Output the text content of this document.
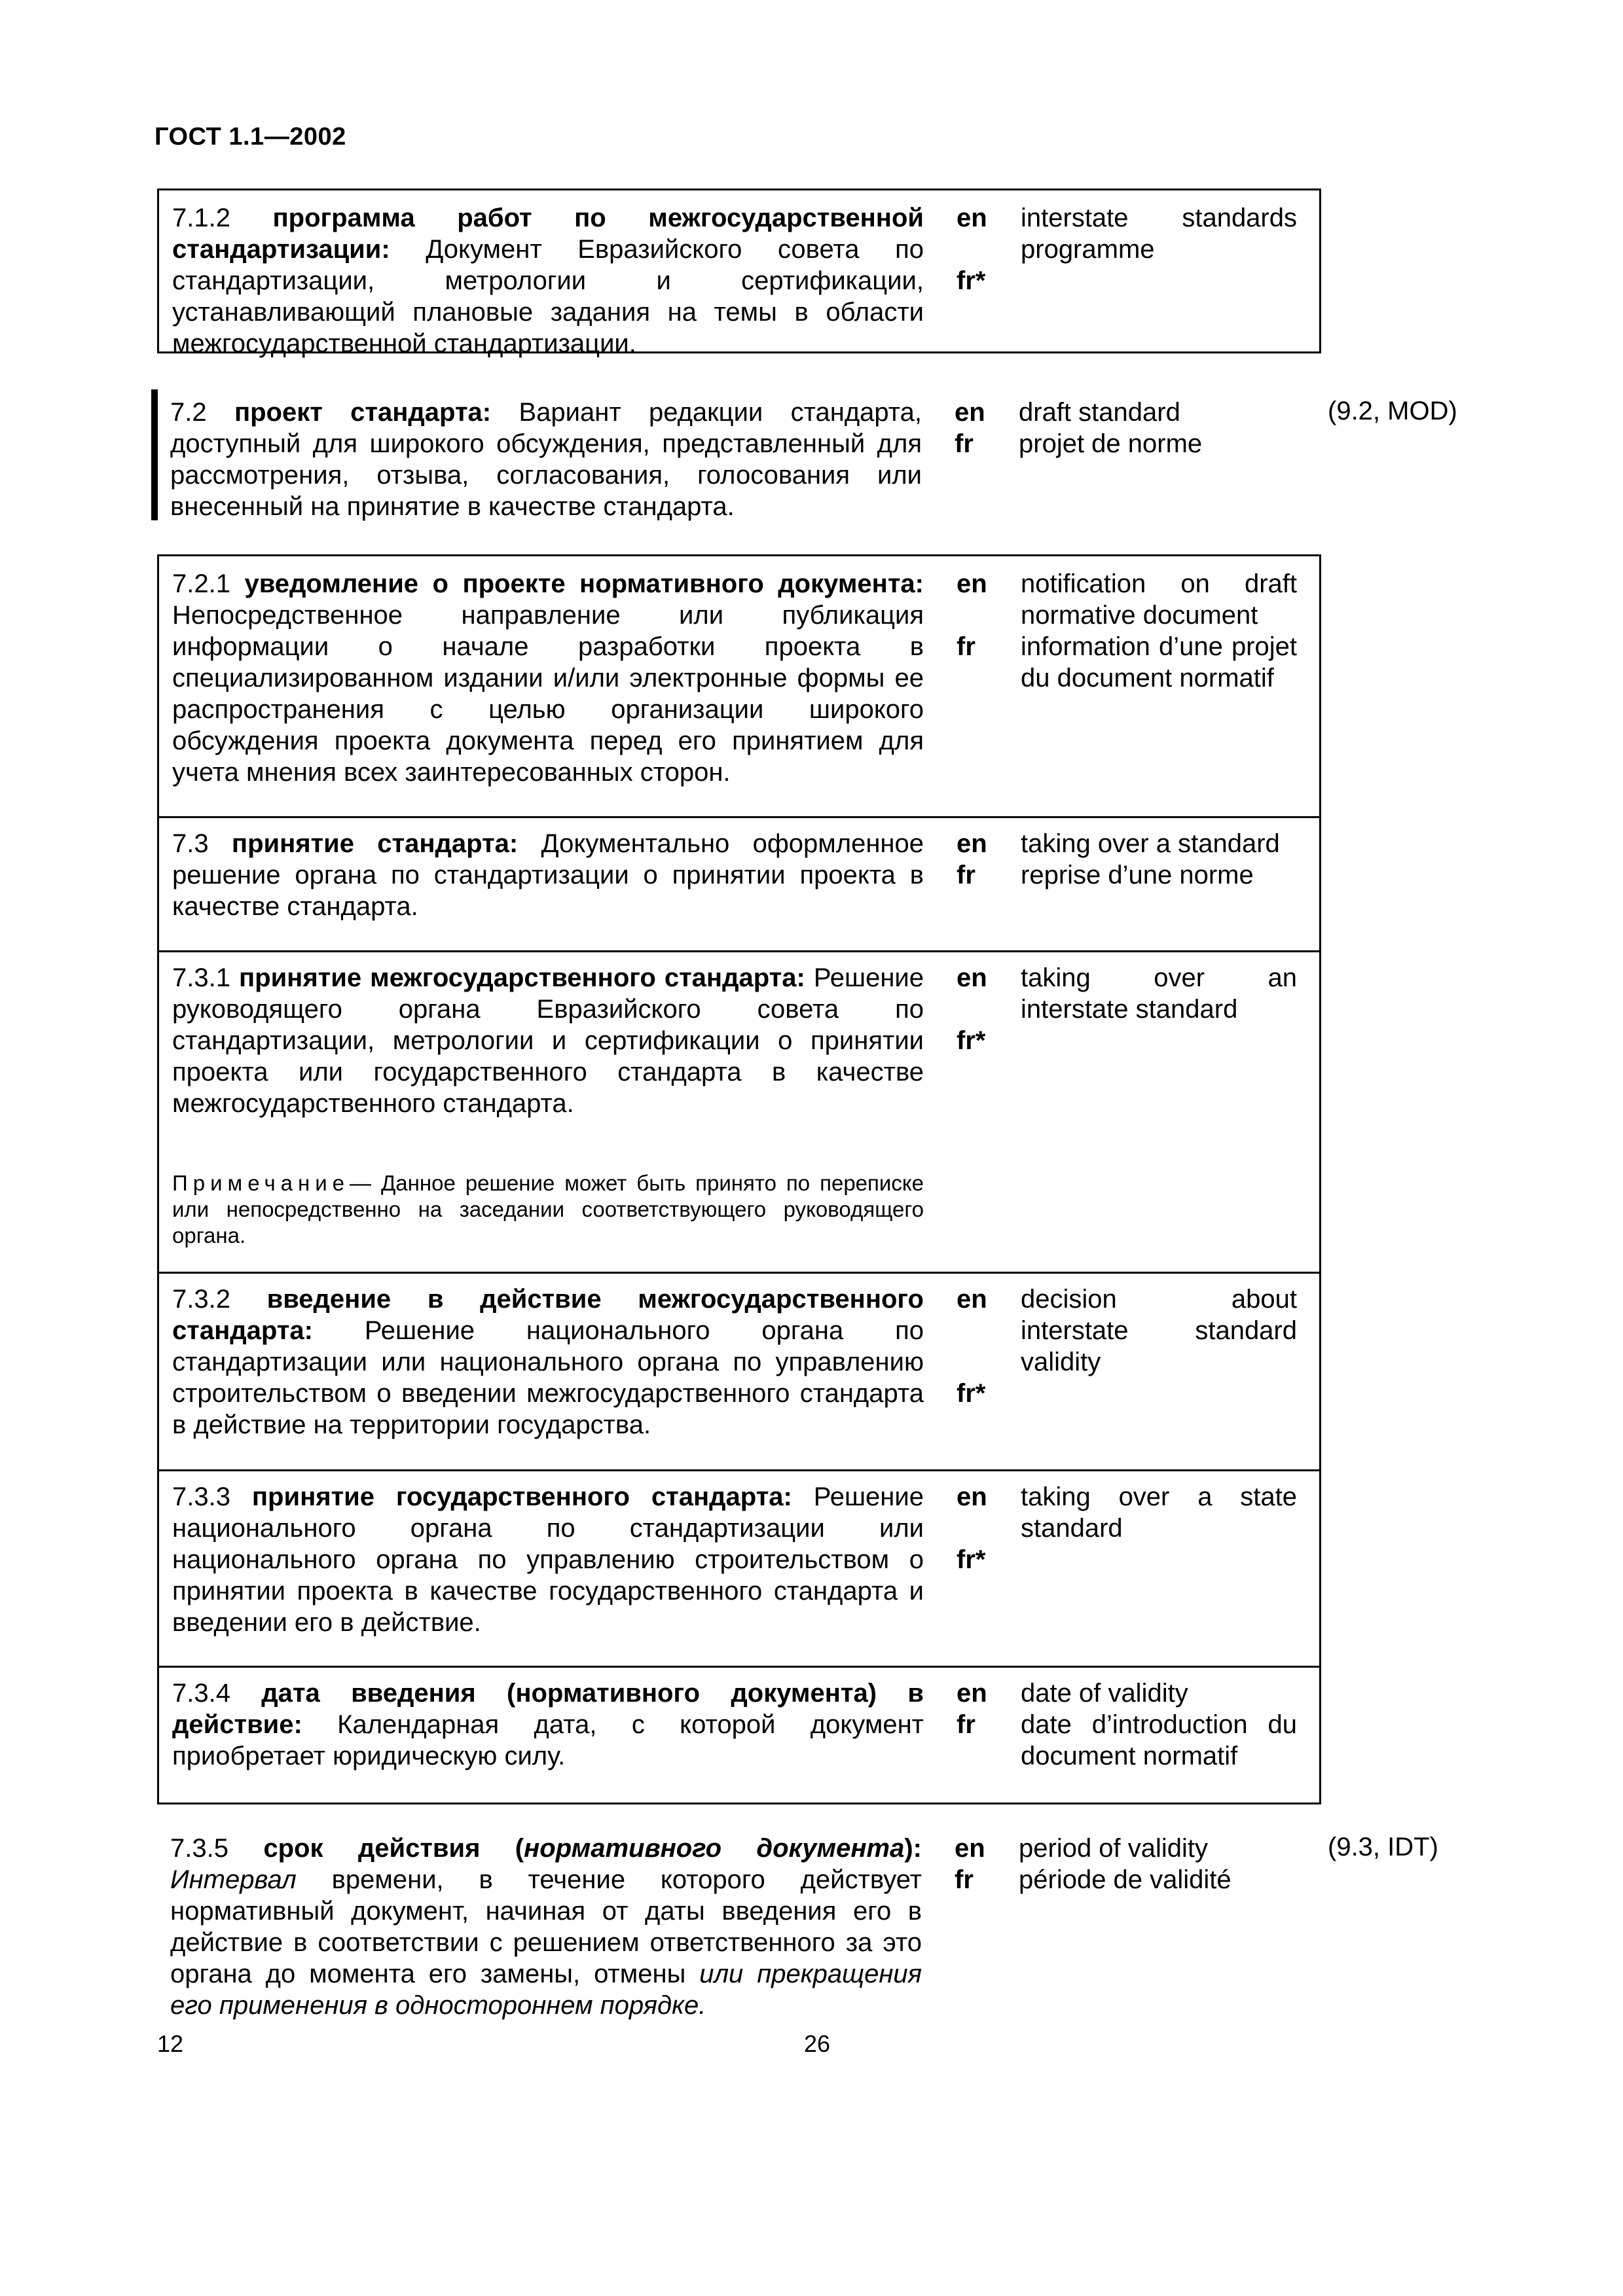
ГОСТ 1.1—2002
7.1.2 программа работ по межгосударственной стандартизации: Документ Евразийского совета по стандартизации, метрологии и сертификации, устанавливающий плановые задания на темы в области межгосударственной стандартизации.
en
fr*
interstate standards programme
7.2 проект стандарта: Вариант редакции стандарта, доступный для широкого обсуждения, представленный для рассмотрения, отзыва, согласования, голосования или внесенный на принятие в качестве стандарта.
en
fr
draft standard
projet de norme
(9.2, MOD)
7.2.1 уведомление о проекте нормативного документа: Непосредственное направление или публикация информации о начале разработки проекта в специализированном издании и/или электронные формы ее распространения с целью организации широкого обсуждения проекта документа перед его принятием для учета мнения всех заинтересованных сторон.
en
fr
notification on draft normative document
information d’une projet du document normatif
7.3 принятие стандарта: Документально оформленное решение органа по стандартизации о принятии проекта в качестве стандарта.
en
fr
taking over a standard
reprise d’une norme
7.3.1 принятие межгосударственного стандарта: Решение руководящего органа Евразийского совета по стандартизации, метрологии и сертификации о принятии проекта или государственного стандарта в качестве межгосударственного стандарта.
Примечание— Данное решение может быть принято по переписке или непосредственно на заседании соответствующего руководящего органа.
en
fr*
taking over an interstate standard
7.3.2 введение в действие межгосударственного стандарта: Решение национального органа по стандартизации или национального органа по управлению строительством о введении межгосударственного стандарта в действие на территории государства.
en
fr*
decision about interstate standard validity
7.3.3 принятие государственного стандарта: Решение национального органа по стандартизации или национального органа по управлению строительством о принятии проекта в качестве государственного стандарта и введении его в действие.
en
fr*
taking over a state standard
7.3.4 дата введения (нормативного документа) в действие: Календарная дата, с которой документ приобретает юридическую силу.
en
fr
date of validity
date d’introduction du document normatif
7.3.5 срок действия (нормативного документа): Интервал времени, в течение которого действует нормативный документ, начиная от даты введения его в действие в соответствии с решением ответственного за это органа до момента его замены, отмены или прекращения его применения в одностороннем порядке.
en
fr
period of validity
période de validité
(9.3, IDT)
12	26
